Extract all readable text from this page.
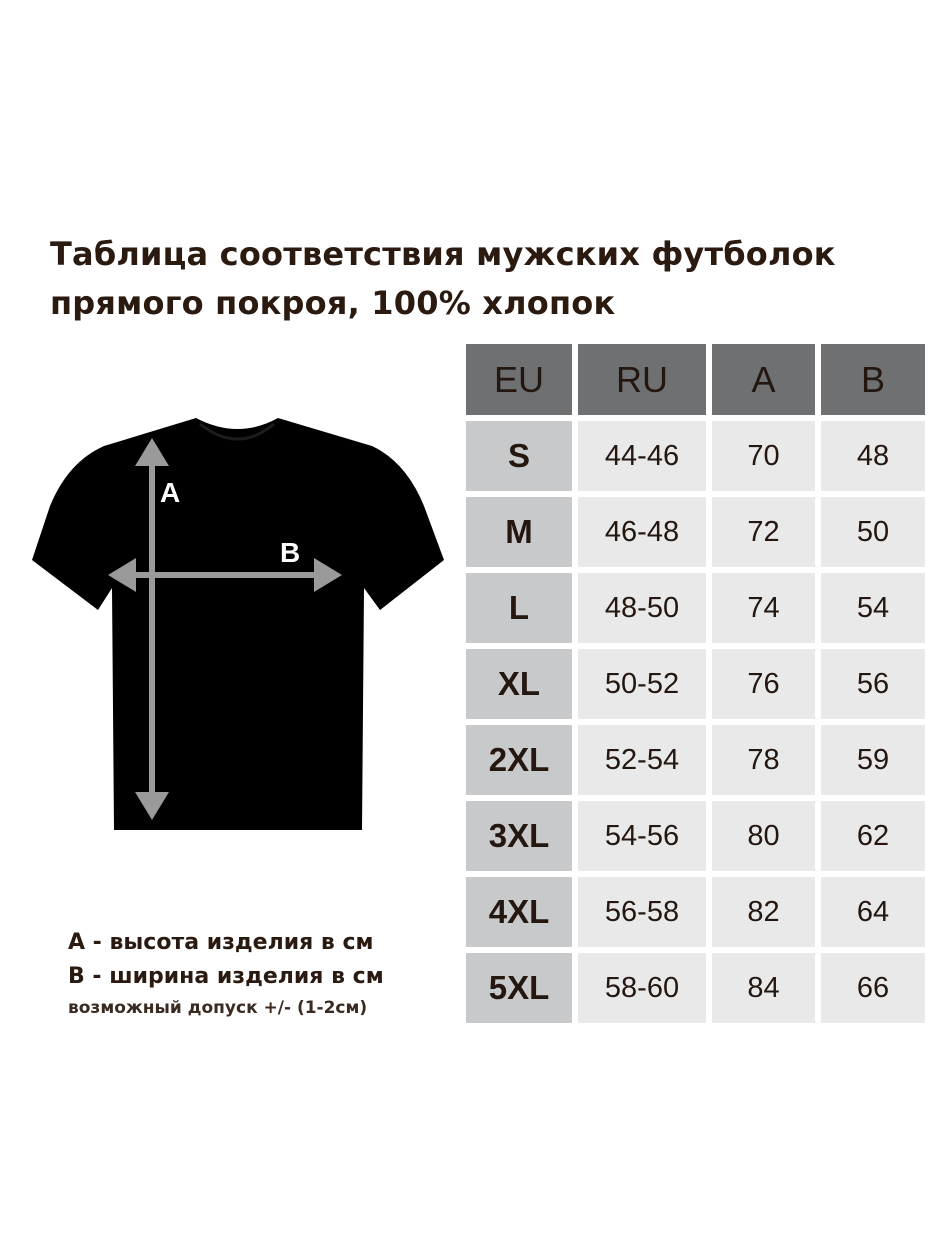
Таблица соответствия мужских футболок
прямого покроя, 100% хлопок
A
B
А - высота изделия в см
В - ширина изделия в см
возможный допуск +/- (1-2см)
EU	RU	A	B
S	44-46	70	48
M	46-48	72	50
L	48-50	74	54
XL	50-52	76	56
2XL	52-54	78	59
3XL	54-56	80	62
4XL	56-58	82	64
5XL	58-60	84	66
